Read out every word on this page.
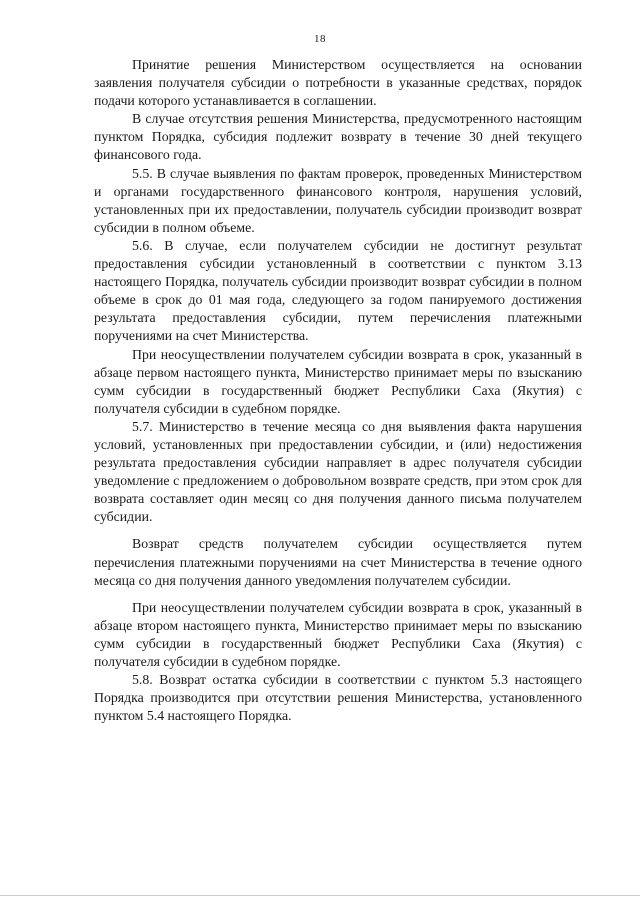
18

Принятие решения Министерством осуществляется на основании заявления получателя субсидии о потребности в указанные средствах, порядок подачи которого устанавливается в соглашении.

В случае отсутствия решения Министерства, предусмотренного настоящим пунктом Порядка, субсидия подлежит возврату в течение 30 дней текущего финансового года.

5.5. В случае выявления по фактам проверок, проведенных Министерством и органами государственного финансового контроля, нарушения условий, установленных при их предоставлении, получатель субсидии производит возврат субсидии в полном объеме.

5.6. В случае, если получателем субсидии не достигнут результат предоставления субсидии установленный в соответствии с пунктом 3.13 настоящего Порядка, получатель субсидии производит возврат субсидии в полном объеме в срок до 01 мая года, следующего за годом панируемого достижения результата предоставления субсидии, путем перечисления платежными поручениями на счет Министерства.

При неосуществлении получателем субсидии возврата в срок, указанный в абзаце первом настоящего пункта, Министерство принимает меры по взысканию сумм субсидии в государственный бюджет Республики Саха (Якутия) с получателя субсидии в судебном порядке.

5.7. Министерство в течение месяца со дня выявления факта нарушения условий, установленных при предоставлении субсидии, и (или) недостижения результата предоставления субсидии направляет в адрес получателя субсидии уведомление с предложением о добровольном возврате средств, при этом срок для возврата составляет один месяц со дня получения данного письма получателем субсидии.

Возврат средств получателем субсидии осуществляется путем перечисления платежными поручениями на счет Министерства в течение одного месяца со дня получения данного уведомления получателем субсидии.

При неосуществлении получателем субсидии возврата в срок, указанный в абзаце втором настоящего пункта, Министерство принимает меры по взысканию сумм субсидии в государственный бюджет Республики Саха (Якутия) с получателя субсидии в судебном порядке.

5.8. Возврат остатка субсидии в соответствии с пунктом 5.3 настоящего Порядка производится при отсутствии решения Министерства, установленного пунктом 5.4 настоящего Порядка.
